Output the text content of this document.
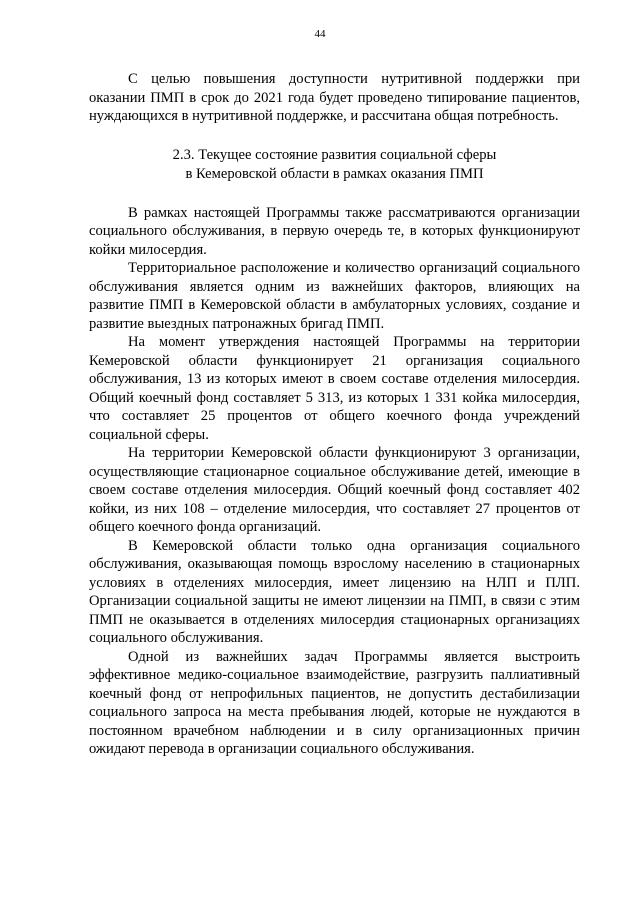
44

С целью повышения доступности нутритивной поддержки при оказании ПМП в срок до 2021 года будет проведено типирование пациентов, нуждающихся в нутритивной поддержке, и рассчитана общая потребность.

2.3. Текущее состояние развития социальной сферы
в Кемеровской области в рамках оказания ПМП

В рамках настоящей Программы также рассматриваются организации социального обслуживания, в первую очередь те, в которых функционируют койки милосердия.

Территориальное расположение и количество организаций социального обслуживания является одним из важнейших факторов, влияющих на развитие ПМП в Кемеровской области в амбулаторных условиях, создание и развитие выездных патронажных бригад ПМП.

На момент утверждения настоящей Программы на территории Кемеровской области функционирует 21 организация социального обслуживания, 13 из которых имеют в своем составе отделения милосердия. Общий коечный фонд составляет 5 313, из которых 1 331 койка милосердия, что составляет 25 процентов от общего коечного фонда учреждений социальной сферы.

На территории Кемеровской области функционируют 3 организации, осуществляющие стационарное социальное обслуживание детей, имеющие в своем составе отделения милосердия. Общий коечный фонд составляет 402 койки, из них 108 – отделение милосердия, что составляет 27 процентов от общего коечного фонда организаций.

В Кемеровской области только одна организация социального обслуживания, оказывающая помощь взрослому населению в стационарных условиях в отделениях милосердия, имеет лицензию на НЛП и ПЛП. Организации социальной защиты не имеют лицензии на ПМП, в связи с этим ПМП не оказывается в отделениях милосердия стационарных организациях социального обслуживания.

Одной из важнейших задач Программы является выстроить эффективное медико-социальное взаимодействие, разгрузить паллиативный коечный фонд от непрофильных пациентов, не допустить дестабилизации социального запроса на места пребывания людей, которые не нуждаются в постоянном врачебном наблюдении и в силу организационных причин ожидают перевода в организации социального обслуживания.
